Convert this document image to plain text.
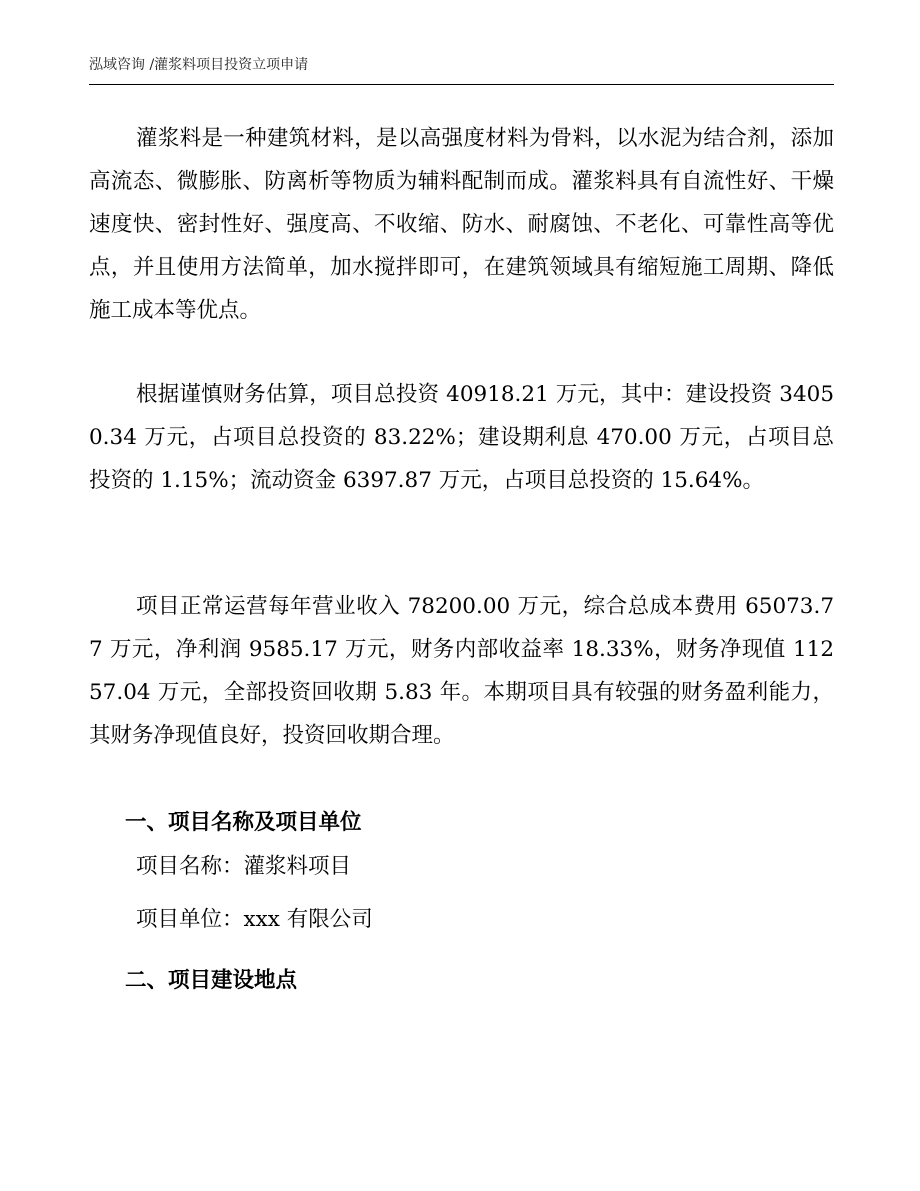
泓域咨询 /灌浆料项目投资立项申请

灌浆料是一种建筑材料，是以高强度材料为骨料，以水泥为结合剂，添加高流态、微膨胀、防离析等物质为辅料配制而成。灌浆料具有自流性好、干燥速度快、密封性好、强度高、不收缩、防水、耐腐蚀、不老化、可靠性高等优点，并且使用方法简单，加水搅拌即可，在建筑领域具有缩短施工周期、降低施工成本等优点。

根据谨慎财务估算，项目总投资 40918.21 万元，其中：建设投资 34050.34 万元，占项目总投资的 83.22%；建设期利息 470.00 万元，占项目总投资的 1.15%；流动资金 6397.87 万元，占项目总投资的 15.64%。

项目正常运营每年营业收入 78200.00 万元，综合总成本费用 65073.77 万元，净利润 9585.17 万元，财务内部收益率 18.33%，财务净现值 11257.04 万元，全部投资回收期 5.83 年。本期项目具有较强的财务盈利能力，其财务净现值良好，投资回收期合理。

一、项目名称及项目单位

项目名称：灌浆料项目

项目单位：xxx 有限公司

二、项目建设地点
